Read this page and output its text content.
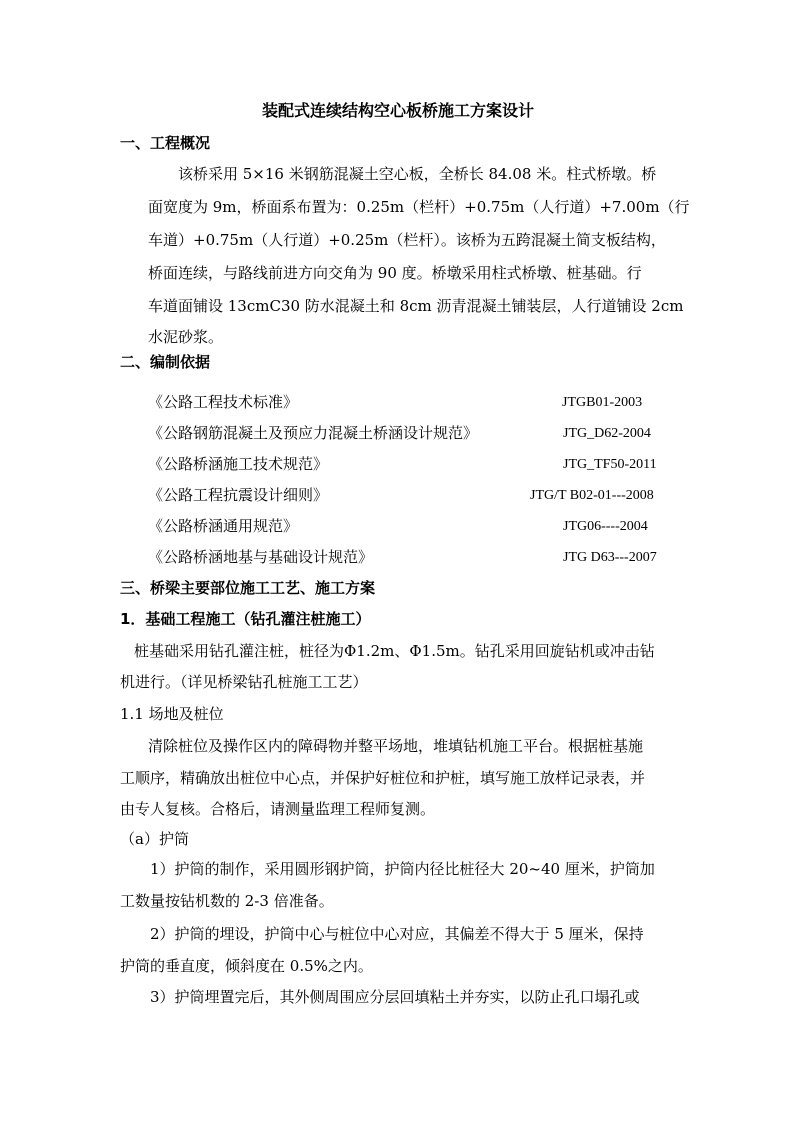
装配式连续结构空心板桥施工方案设计
一、工程概况
该桥采用 5×16 米钢筋混凝土空心板，全桥长 84.08 米。柱式桥墩。桥
面宽度为 9m，桥面系布置为：0.25m（栏杆）+0.75m（人行道）+7.00m（行
车道）+0.75m（人行道）+0.25m（栏杆）。该桥为五跨混凝土简支板结构，
桥面连续，与路线前进方向交角为 90 度。桥墩采用柱式桥墩、桩基础。行
车道面铺设 13cmC30 防水混凝土和 8cm 沥青混凝土铺装层，人行道铺设 2cm
水泥砂浆。
二、编制依据
《公路工程技术标准》	JTGB01-2003
《公路钢筋混凝土及预应力混凝土桥涵设计规范》	JTG_D62-2004
《公路桥涵施工技术规范》	JTG_TF50-2011
《公路工程抗震设计细则》	JTG/T B02-01---2008
《公路桥涵通用规范》	JTG06----2004
《公路桥涵地基与基础设计规范》	JTG D63---2007
三、桥梁主要部位施工工艺、施工方案
1．基础工程施工（钻孔灌注桩施工）
桩基础采用钻孔灌注桩，桩径为Φ1.2m、Φ1.5m。钻孔采用回旋钻机或冲击钻
机进行。（详见桥梁钻孔桩施工工艺）
1.1 场地及桩位
清除桩位及操作区内的障碍物并整平场地，堆填钻机施工平台。根据桩基施
工顺序，精确放出桩位中心点，并保护好桩位和护桩，填写施工放样记录表，并
由专人复核。合格后，请测量监理工程师复测。
（a）护筒
1）护筒的制作，采用圆形钢护筒，护筒内径比桩径大 20~40 厘米，护筒加
工数量按钻机数的 2-3 倍准备。
2）护筒的埋设，护筒中心与桩位中心对应，其偏差不得大于 5 厘米，保持
护筒的垂直度，倾斜度在 0.5%之内。
3）护筒埋置完后，其外侧周围应分层回填粘土并夯实，以防止孔口塌孔或
